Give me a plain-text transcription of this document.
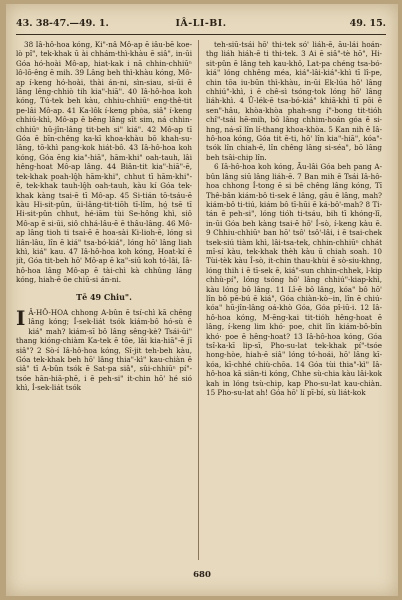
43. 38-47.—49. 1.	IÂ-LI-BI.	49. 15.

38 Iâ-hô-hoa kóng, Ki"-nâ Mô-ap ē iâu-bē koe-lò pî", tek-khak ū ài chhám-thì-khàu ē siâ", in-ūi Góa hó-hoài Mô-ap, hiat-kak i nā chhin-chhiūⁿ lô-lō-êng ē mih. 39 Lâng beh thì-khàu kóng, Mô-ap í-keng hó-hoài, thài án-ni, sìn-siau, si-ūi ē lâng lêng-chhiò tih kia"-hiā". 40 Iâ-hô-hoa koh kóng, Tú-tek beh kàu, chhiu-chhiūⁿ eng-thê-tit pe-lâi Mô-ap. 41 Ka-lôk í-keng phòa, siâ" í-keng chhiú-khì, Mô-ap ē bêng lâng sīt sim, ná chhin-chhiūⁿ hū-jîn-lâng tit-beh si" kiá". 42 Mô-ap tī Góa ē bīn-chêng ka-kī khoa-khàu bō khah-su-lâng, tō-khì pang-kok hiát-bô. 43 Iâ-hô-hoa koh kóng, Góa ēng kia"-hiā", hām-khi" oah-tauh, lâi hêng-hoat Mô-ap lâng. 44 Biân-tit kia"-hiā"-ē, tek-khak poah-lô̤h hām-khi", chhut tī hām-khi"-ē, tek-khak tauh-lô̤h oah-tauh, kàu kí Góa tek-khak kàng tsai-ē tī Mô-ap. 45 Si-tián tō-tsáu-ē kàu Hi-sit-pûn, ūi-lâng-tit-tiōh tī-lîm, hó̤ tsē tī Hi-sit-pûn chhut, hé-iām tùi Se-hông khì, siô Mô-ap ē si-ūi, siô chhá-lâu-ē ē thâu-lâng. 46 Mô-ap lâng tioh ti tsai-ē ē hoa-sài Ki-lioh-ē, lóng si liân-lâu, lîn ē kiá" tsa-bó-kiá", lóng hō' lâng liah khì, kiá" kau. 47 Iâ-hô-hoa koh kóng, Hoat-kí ē jít, Góa tit-beh hō' Mô-ap ē ka"-siū koh tó-lâi, Iâ-hô-hoa lâng Mô-ap ē tài-chì kà chhûng lâng kóng, hiah-ē ōe chiū-si án-ni.

Tē 49 Chiu".

I Â-HÔ-HOA chhong A-bûn ē tsí-chì kā chêng lâng kóng; Í-sek-liát tsók kiám-bô hó-sù ē kiá" mah? kiám-sī bô lâng sêng-kè? Tsái-ūi" thang kióng-chiàm Ka-tek ē tōe, lâi kia-hiā"-ē jī siâ"? 2 Sò-í Iâ-hô-hoa kóng, Sî-jit teh-beh kàu, Góa tek-khak beh hō' lâng thia"-kì" kau-chiàn ē siâ" tī A-bûn tsók ē Sat-pa siâ", sûi-chhiūⁿ pí"-tsóe hān-hiā-phē, i ē peh-si" it-chin hō' hé sió khì, Í-sek-liát tsók

teh-siū-tsái hō' thi-tek só' liáh-ē, āu-lái hoán-thg liáh hiáh-ē ti thi-tek. 3 Ai ē siâ"-tè hō", Hi-sit-pûn ē lâng teh kau-khô, Lat-pa chéng tsa-bó-kiá" lóng chhêng méa, kiá"-lâi-kiá"-khì tī lî-pe, chin tōa iu-būn thì-khàu, in-ūi Ek-lúa hō' lâng chhiú"-khì, i ē chê-sì tsóng-tok lóng hō' lâng liáh-khì. 4 Ū-lék-ē tsa-bó-kiá" khiā-khì tī pōi ē sen"-hâu, khòa-khòa phah-sng í"-bong tit-tióh chî"-tsái hē-mih, bō lâng chhim-hoán góa ē si-hng, ná-sī lîn lí-thang khoa-khòa. 5 Kan nih ē Iâ-hô-hoa kóng, Góa tit ē-ti, hō' lîn kia"-hiā", kóa"-tsók lîn chiah-ē, lîn chêng lâng si-séa", bō lâng beh tsâi-chip lîn.

6 Iâ-hô-hoa koh kóng, Āu-lâi Góa beh pang A-bûn lâng siū lâng liáh-ē. 7 Ban mih ē Tsái Iâ-hô-hoa chhong Í-tong ē si bē chêng lâng kóng, Tī Thê-bân kiám-bô tì-sek ē lâng, gâu ē lâng, mah? kiám-bô ti-tiú, kiám bô tī-hūi ē ká-bô'-mah? 8 Ti-tán ē peh-si", lóng tióh ti-tsáu, bih tī khóng-lī, in-ūi Góa beh kàng tsai-ē hō' Í-sò, í-keng kàu ē. 9 Chhiu-chhiūⁿ ban hō' tsô' tsô'-lâi, i ē tsai-chek tsek-siú tiàm khì, lâi-tsa-tek, chhin-chhiūⁿ chhát mî-sí kàu, tek-khak thèh kàu ū chiah soah. 10 Tùi-tèk kàu Í-sò, it-chin thau-khùi ē sò-siu-khng, lóng thih i ē tī-sek ē, kiá"-sun chhin-chhek, l-kip chhù-pí", lóng tsóng hō' lâng chhiú"-kiap-khì, kàu lóng bô lâng. 11 Lî-ē bô lâng, kóa" bô hō' lîn bô pē-bú ē kiá", Góa chiàn-kò·-in, lîn ē chiú-kóa" hū-jîn-lâng oá-khò Góa, Góa pî-iū-i. 12 Iâ-hô-hoa kóng, M-ēng-kai tit-tióh hêng-hoat ē lâng, í-keng lim khó· poe, chit lîn kiám-bô-bîn khó· poe ē hêng-hoat? 13 Iâ-hô-hoa kóng, Góa tsî-ka-kī lip-sī, Pho-su-lat tek-khak pí"-tsóe hong-hòe, hiah-ē siâ" lóng tó-hoái, hō' lâng kī-kóa, kī-chhé chiù-chōa. 14 Góa tùi thia"-kì" Iâ-hô-hoa kā siân-ti kóng, Chhe sù-chia kàu lâi-kok kah in lóng tsù-chip, kap Pho-su-lat kau-chiàn. 15 Pho-su-lat ah! Góa hō' lí pī-bí, sù liát-kok

680
